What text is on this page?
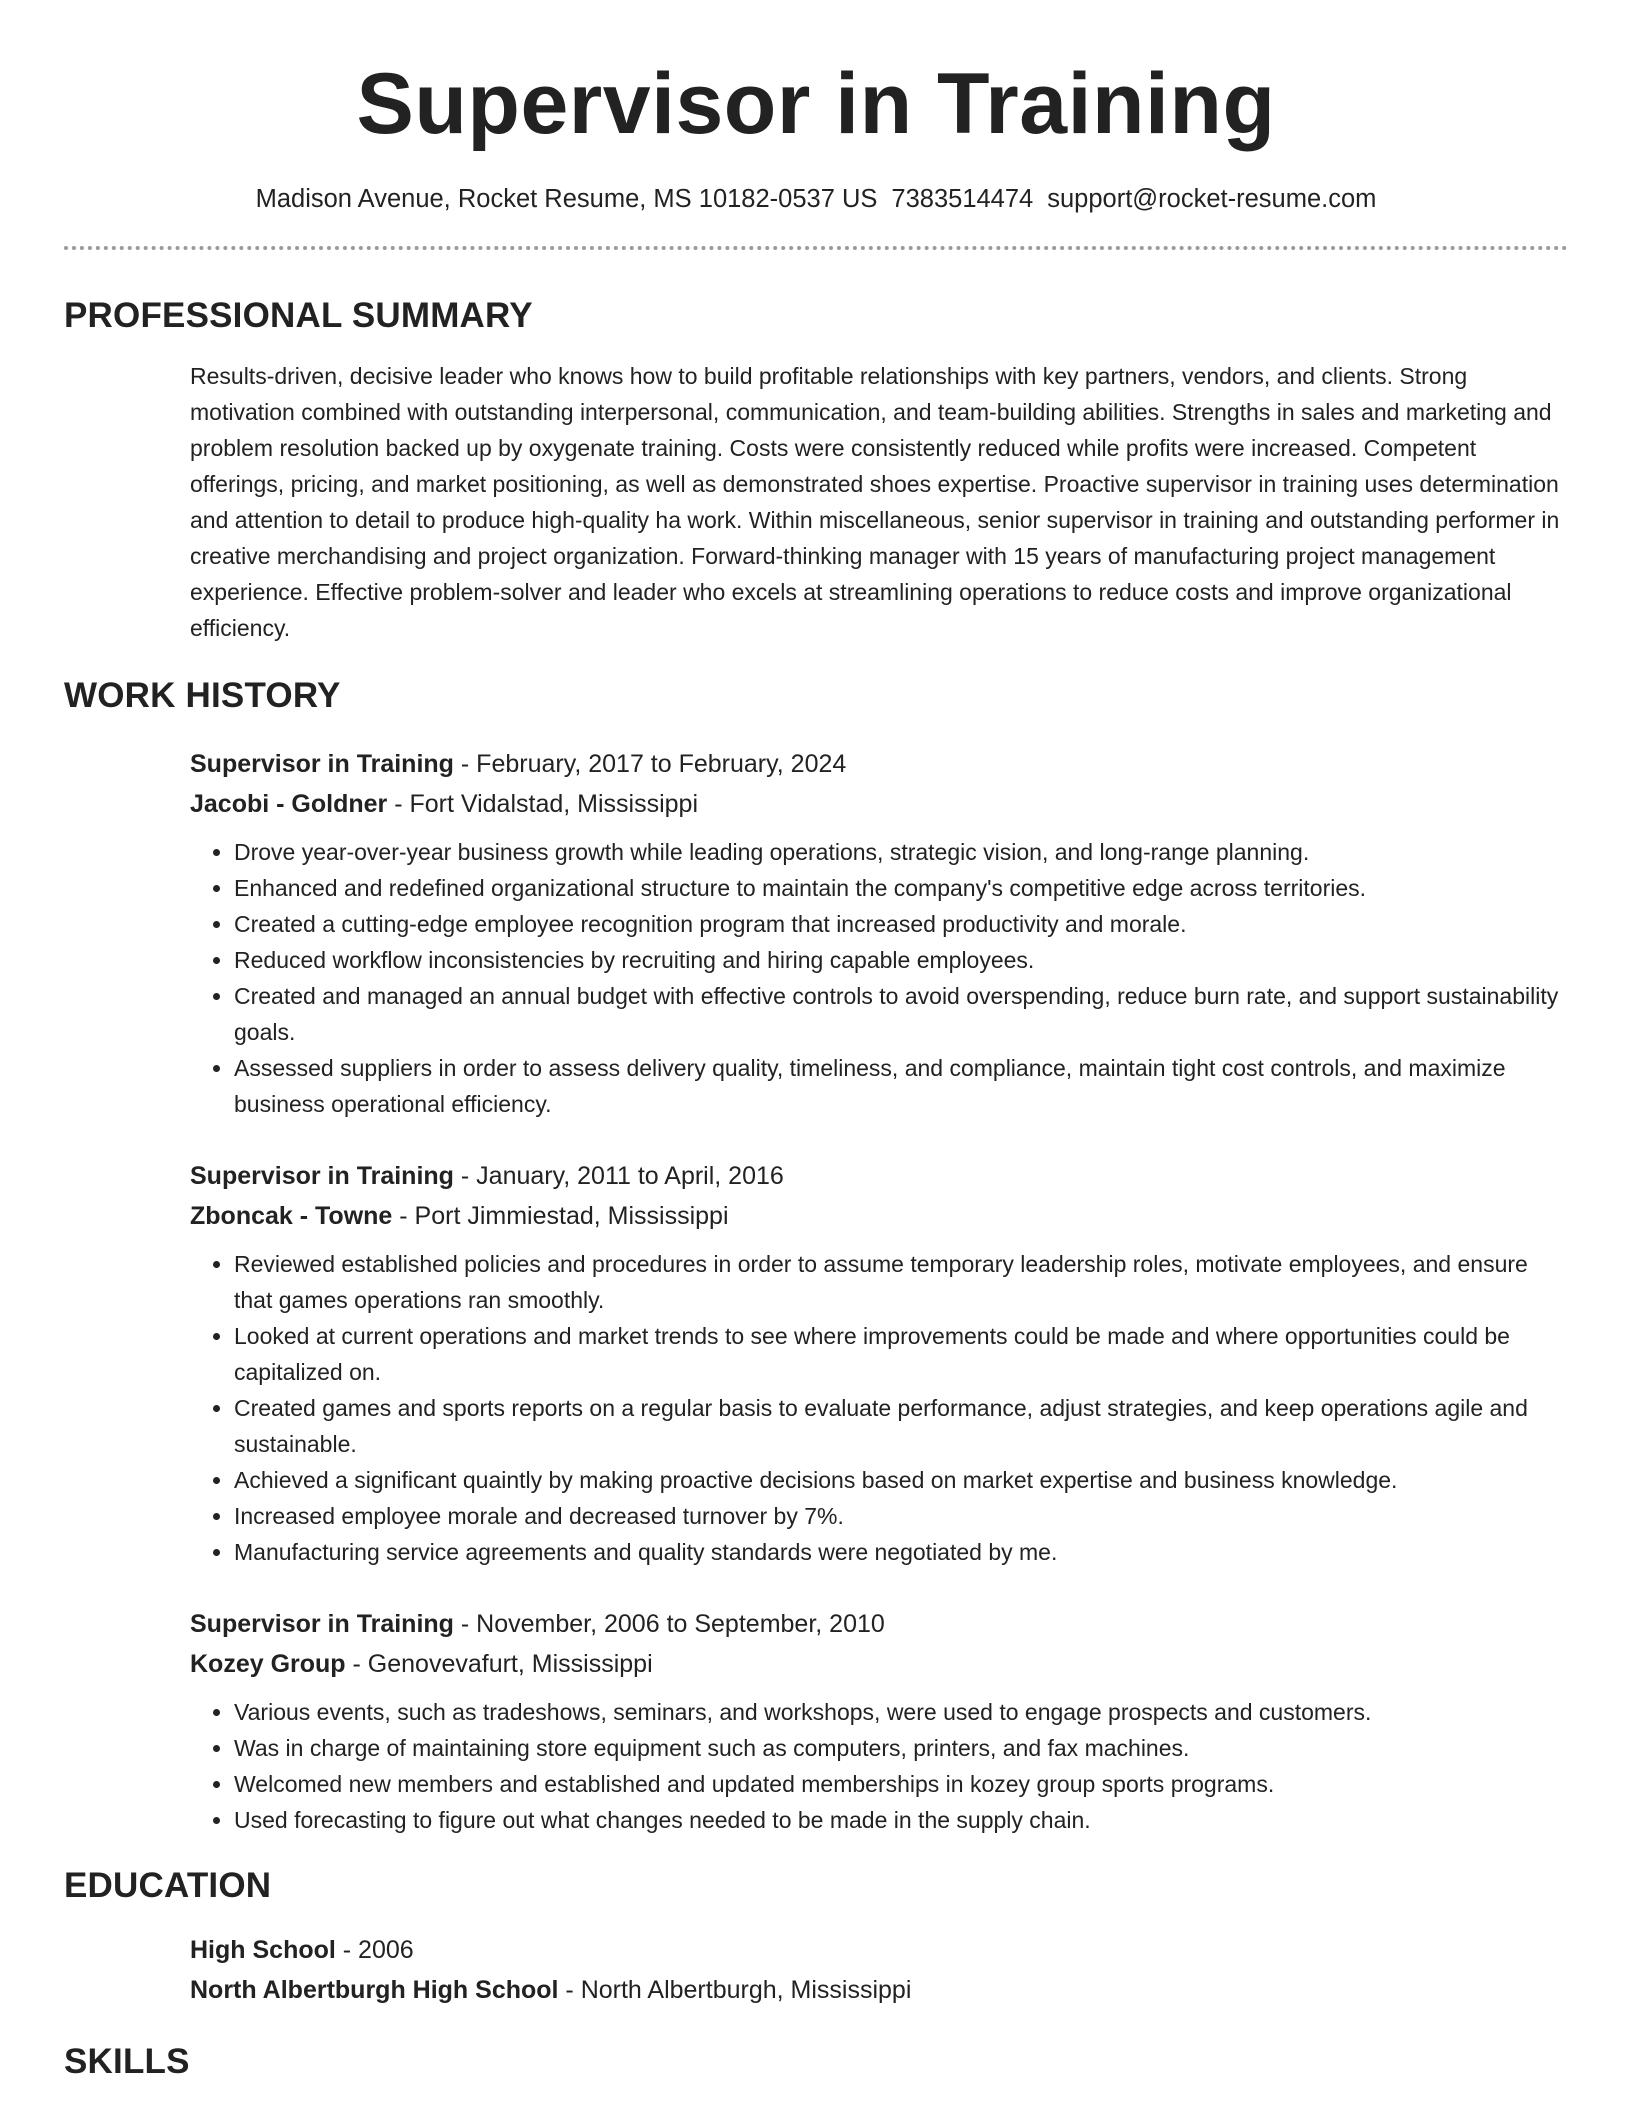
Supervisor in Training
Madison Avenue, Rocket Resume, MS 10182-0537 US 7383514474 support@rocket-resume.com
PROFESSIONAL SUMMARY
Results-driven, decisive leader who knows how to build profitable relationships with key partners, vendors, and clients. Strong motivation combined with outstanding interpersonal, communication, and team-building abilities. Strengths in sales and marketing and problem resolution backed up by oxygenate training. Costs were consistently reduced while profits were increased. Competent offerings, pricing, and market positioning, as well as demonstrated shoes expertise. Proactive supervisor in training uses determination and attention to detail to produce high-quality ha work. Within miscellaneous, senior supervisor in training and outstanding performer in creative merchandising and project organization. Forward-thinking manager with 15 years of manufacturing project management experience. Effective problem-solver and leader who excels at streamlining operations to reduce costs and improve organizational efficiency.
WORK HISTORY
Supervisor in Training - February, 2017 to February, 2024
Jacobi - Goldner - Fort Vidalstad, Mississippi
• Drove year-over-year business growth while leading operations, strategic vision, and long-range planning.
• Enhanced and redefined organizational structure to maintain the company's competitive edge across territories.
• Created a cutting-edge employee recognition program that increased productivity and morale.
• Reduced workflow inconsistencies by recruiting and hiring capable employees.
• Created and managed an annual budget with effective controls to avoid overspending, reduce burn rate, and support sustainability goals.
• Assessed suppliers in order to assess delivery quality, timeliness, and compliance, maintain tight cost controls, and maximize business operational efficiency.
Supervisor in Training - January, 2011 to April, 2016
Zboncak - Towne - Port Jimmiestad, Mississippi
• Reviewed established policies and procedures in order to assume temporary leadership roles, motivate employees, and ensure that games operations ran smoothly.
• Looked at current operations and market trends to see where improvements could be made and where opportunities could be capitalized on.
• Created games and sports reports on a regular basis to evaluate performance, adjust strategies, and keep operations agile and sustainable.
• Achieved a significant quaintly by making proactive decisions based on market expertise and business knowledge.
• Increased employee morale and decreased turnover by 7%.
• Manufacturing service agreements and quality standards were negotiated by me.
Supervisor in Training - November, 2006 to September, 2010
Kozey Group - Genovevafurt, Mississippi
• Various events, such as tradeshows, seminars, and workshops, were used to engage prospects and customers.
• Was in charge of maintaining store equipment such as computers, printers, and fax machines.
• Welcomed new members and established and updated memberships in kozey group sports programs.
• Used forecasting to figure out what changes needed to be made in the supply chain.
EDUCATION
High School - 2006
North Albertburgh High School - North Albertburgh, Mississippi
SKILLS
